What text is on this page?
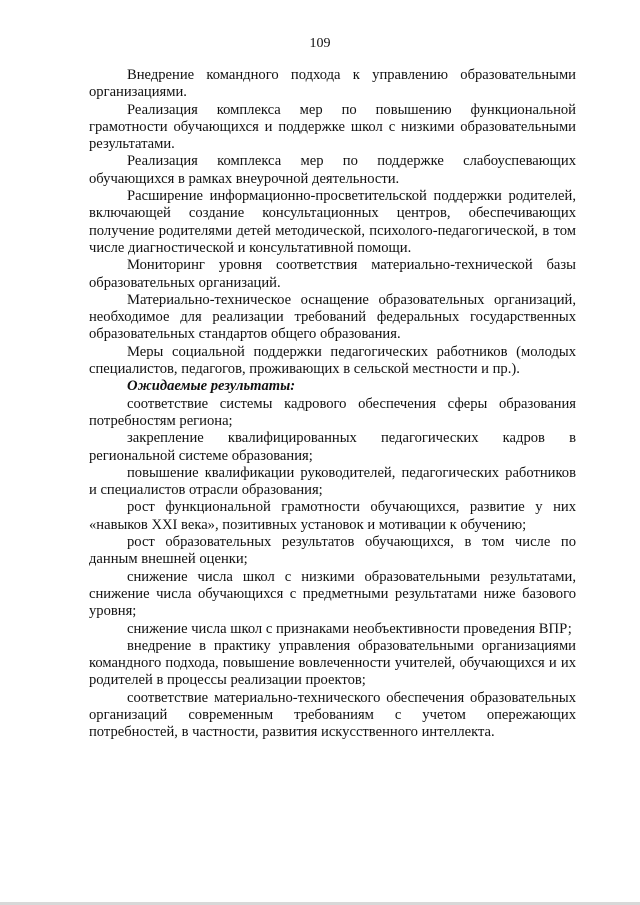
109

Внедрение командного подхода к управлению образовательными организациями.

Реализация комплекса мер по повышению функциональной грамотности обучающихся и поддержке школ с низкими образовательными результатами.

Реализация комплекса мер по поддержке слабоуспевающих обучающихся в рамках внеурочной деятельности.

Расширение информационно-просветительской поддержки родителей, включающей создание консультационных центров, обеспечивающих получение родителями детей методической, психолого-педагогической, в том числе диагностической и консультативной помощи.

Мониторинг уровня соответствия материально-технической базы образовательных организаций.

Материально-техническое оснащение образовательных организаций, необходимое для реализации требований федеральных государственных образовательных стандартов общего образования.

Меры социальной поддержки педагогических работников (молодых специалистов, педагогов, проживающих в сельской местности и пр.).

Ожидаемые результаты:

соответствие системы кадрового обеспечения сферы образования потребностям региона;

закрепление квалифицированных педагогических кадров в региональной системе образования;

повышение квалификации руководителей, педагогических работников и специалистов отрасли образования;

рост функциональной грамотности обучающихся, развитие у них «навыков XXI века», позитивных установок и мотивации к обучению;

рост образовательных результатов обучающихся, в том числе по данным внешней оценки;

снижение числа школ с низкими образовательными результатами, снижение числа обучающихся с предметными результатами ниже базового уровня;

снижение числа школ с признаками необъективности проведения ВПР;

внедрение в практику управления образовательными организациями командного подхода, повышение вовлеченности учителей, обучающихся и их родителей в процессы реализации проектов;

соответствие материально-технического обеспечения образовательных организаций современным требованиям с учетом опережающих потребностей, в частности, развития искусственного интеллекта.
